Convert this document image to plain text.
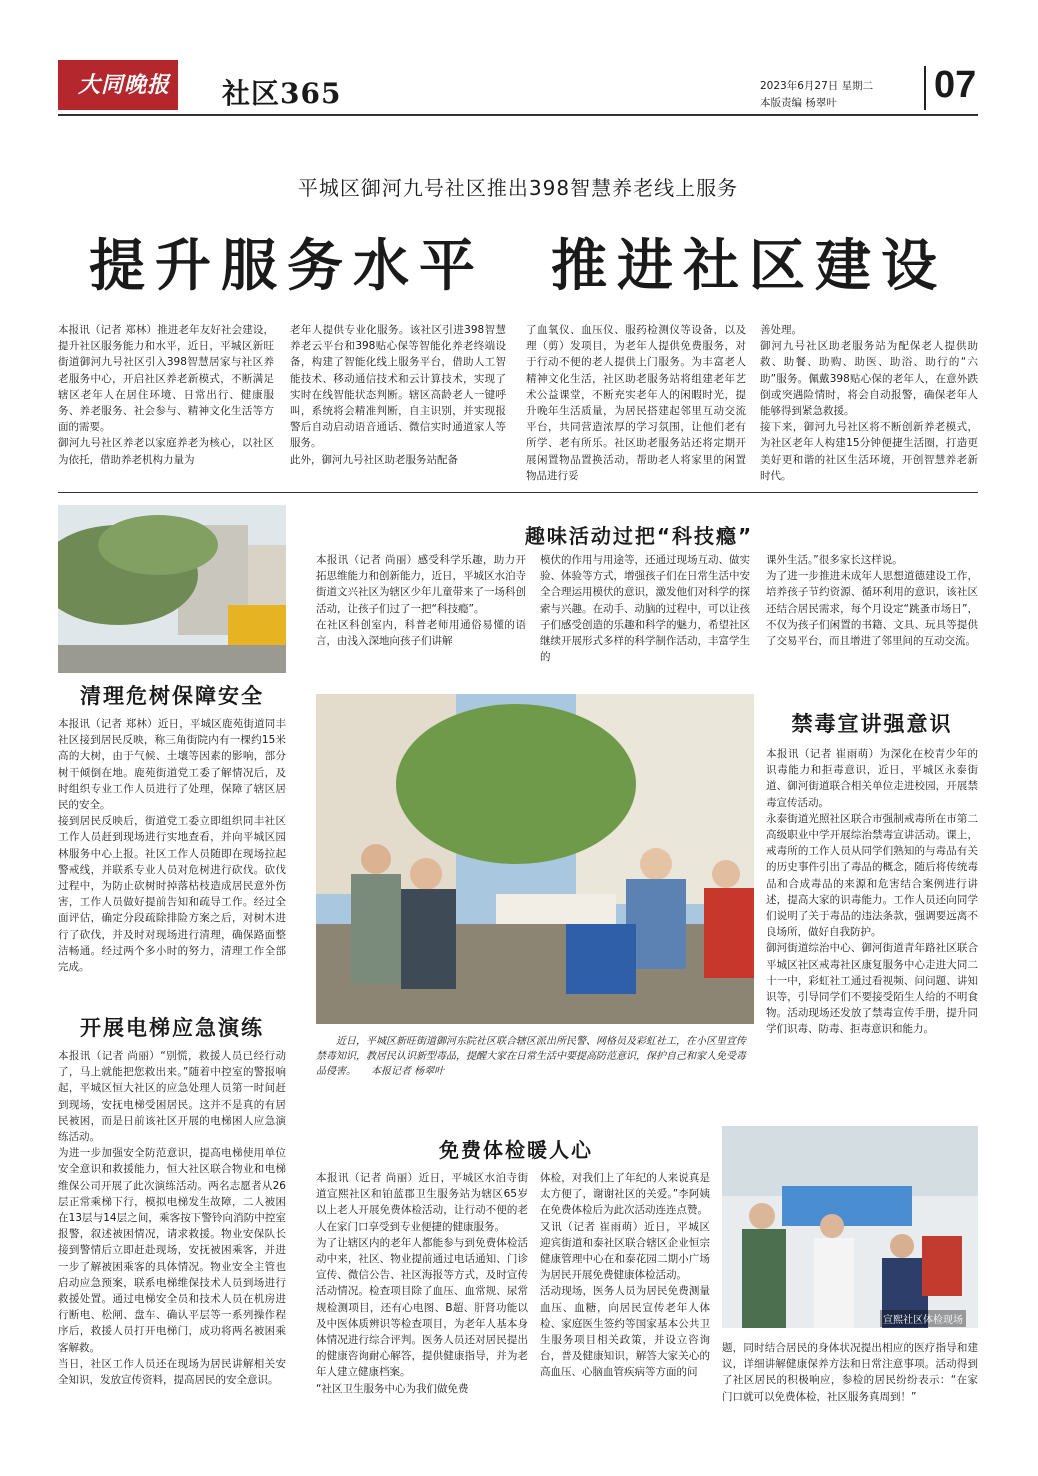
大同晚报 社区365	2023年6月27日 星期二
本版责编 杨翠叶	07
平城区御河九号社区推出398智慧养老线上服务
提升服务水平　推进社区建设
本报讯（记者 郑林）推进老年友好社会建设，提升社区服务能力和水平，近日，平城区新旺街道御河九号社区引入398智慧居家与社区养老服务中心，开启社区养老新模式，不断满足辖区老年人在居住环境、日常出行、健康服务、养老服务、社会参与、精神文化生活等方面的需要。
御河九号社区养老以家庭养老为核心，以社区为依托，借助养老机构力量为
老年人提供专业化服务。该社区引进398智慧养老云平台和398贴心保等智能化养老终端设备，构建了智能化线上服务平台，借助人工智能技术、移动通信技术和云计算技术，实现了实时在线智能状态判断。辖区高龄老人一键呼叫，系统将会精准判断，自主识别，并实现报警后自动启动语音通话、微信实时通道家人等服务。
此外，御河九号社区助老服务站配备
了血氧仪、血压仪、服药检测仪等设备，以及理（剪）发项目，为老年人提供免费服务，对于行动不便的老人提供上门服务。为丰富老人精神文化生活，社区助老服务站将组建老年艺术公益课堂，不断充实老年人的闲暇时光，提升晚年生活质量，为居民搭建起邻里互动交流平台，共同营造浓厚的学习氛围，让他们老有所学、老有所乐。社区助老服务站还将定期开展闲置物品置换活动，帮助老人将家里的闲置物品进行妥
善处理。
御河九号社区助老服务站为配保老人提供助救、助餐、助购、助医、助浴、助行的“六助”服务。佩戴398贴心保的老年人，在意外跌倒或突遇险情时，将会自动报警，确保老年人能够得到紧急救援。
接下来，御河九号社区将不断创新养老模式，为社区老年人构建15分钟便捷生活圈，打造更美好更和谐的社区生活环境，开创智慧养老新时代。
清理危树保障安全
本报讯（记者 郑林）近日，平城区鹿苑街道同丰社区接到居民反映，称三角街院内有一棵约15米高的大树，由于气候、土壤等因素的影响，部分树干倾倒在地。鹿苑街道党工委了解情况后，及时组织专业工作人员进行了处理，保障了辖区居民的安全。
接到居民反映后，街道党工委立即组织同丰社区工作人员赶到现场进行实地查看，并向平城区园林服务中心上报。社区工作人员随即在现场拉起警戒线，并联系专业人员对危树进行砍伐。砍伐过程中，为防止砍树时掉落枯枝造成居民意外伤害，工作人员做好提前告知和疏导工作。经过全面评估，确定分段疏除排险方案之后，对树木进行了砍伐，并及时对现场进行清理，确保路面整洁畅通。经过两个多小时的努力，清理工作全部完成。
开展电梯应急演练
本报讯（记者 尚丽）“别慌，救援人员已经行动了，马上就能把您救出来。”随着中控室的警报响起，平城区恒大社区的应急处理人员第一时间赶到现场，安抚电梯受困居民。这并不是真的有居民被困，而是日前该社区开展的电梯困人应急演练活动。
为进一步加强安全防范意识，提高电梯使用单位安全意识和救援能力，恒大社区联合物业和电梯维保公司开展了此次演练活动。两名志愿者从26层正常乘梯下行，模拟电梯发生故障，二人被困在13层与14层之间，乘客按下警铃向消防中控室报警，叙述被困情况，请求救援。物业安保队长接到警情后立即赶赴现场，安抚被困乘客，并进一步了解被困乘客的具体情况。物业安全主管也启动应急预案，联系电梯维保技术人员到场进行救援处置。通过电梯安全员和技术人员在机房进行断电、松闸、盘车、确认平层等一系列操作程序后，救援人员打开电梯门，成功将两名被困乘客解救。
当日，社区工作人员还在现场为居民讲解相关安全知识，发放宣传资料，提高居民的安全意识。
趣味活动过把“科技瘾”
本报讯（记者 尚丽）感受科学乐趣，助力开拓思维能力和创新能力，近日，平城区水泊寺街道文兴社区为辖区少年儿童带来了一场科创活动，让孩子们过了一把“科技瘾”。
在社区科创室内，科普老师用通俗易懂的语言，由浅入深地向孩子们讲解
模伏的作用与用途等，还通过现场互动、做实验、体验等方式，增强孩子们在日常生活中安全合理运用模伏的意识，激发他们对科学的探索与兴趣。在动手、动脑的过程中，可以让孩子们感受创造的乐趣和科学的魅力，希望社区继续开展形式多样的科学制作活动，丰富学生的
课外生活。”很多家长这样说。
为了进一步推进未成年人思想道德建设工作，培养孩子节约资源、循环利用的意识，该社区还结合居民需求，每个月设定“跳蚤市场日”，不仅为孩子们闲置的书籍、文具、玩具等提供了交易平台，而且增进了邻里间的互动交流。
近日，平城区新旺街道御河东院社区联合辖区派出所民警、网格员及彩虹社工，在小区里宣传禁毒知识，教居民认识新型毒品，提醒大家在日常生活中要提高防范意识，保护自己和家人免受毒品侵害。　　本报记者 杨翠叶
禁毒宣讲强意识
本报讯（记者 崔雨萌）为深化在校青少年的识毒能力和拒毒意识，近日，平城区永泰街道、御河街道联合相关单位走进校园，开展禁毒宣传活动。
永泰街道光照社区联合市强制戒毒所在市第二高级职业中学开展综治禁毒宣讲活动。课上，戒毒所的工作人员从同学们熟知的与毒品有关的历史事件引出了毒品的概念，随后将传统毒品和合成毒品的来源和危害结合案例进行讲述，提高大家的识毒能力。工作人员还向同学们说明了关于毒品的违法条款，强调要远离不良场所，做好自我防护。
御河街道综治中心、御河街道青年路社区联合平城区社区戒毒社区康复服务中心走进大同二十一中，彩虹社工通过看视频、问问题、讲知识等，引导同学们不要接受陌生人给的不明食物。活动现场还发放了禁毒宣传手册，提升同学们识毒、防毒、拒毒意识和能力。
免费体检暖人心
本报讯（记者 尚丽）近日，平城区水泊寺街道宣熙社区和铂蓝郡卫生服务站为辖区65岁以上老人开展免费体检活动，让行动不便的老人在家门口享受到专业便捷的健康服务。
为了让辖区内的老年人都能参与到免费体检活动中来，社区、物业提前通过电话通知、门诊宣传、微信公告、社区海报等方式，及时宣传活动情况。检查项目除了血压、血常规、尿常规检测项目，还有心电图、B超、肝肾功能以及中医体质辨识等检查项目，为老年人基本身体情况进行综合评判。医务人员还对居民提出的健康咨询耐心解答，提供健康指导，并为老年人建立健康档案。
“社区卫生服务中心为我们做免费
体检，对我们上了年纪的人来说真是太方便了，谢谢社区的关爱。”李阿姨在免费体检后为此次活动连连点赞。
又讯（记者 崔雨萌）近日，平城区迎宾街道和泰社区联合辖区企业恒宗健康管理中心在和泰花园二期小广场为居民开展免费健康体检活动。
活动现场，医务人员为居民免费测量血压、血糖，向居民宣传老年人体检、家庭医生签约等国家基本公共卫生服务项目相关政策，并设立咨询台，普及健康知识，解答大家关心的高血压、心脑血管疾病等方面的问
宣熙社区体检现场
题，同时结合居民的身体状况提出相应的医疗指导和建议，详细讲解健康保养方法和日常注意事项。活动得到了社区居民的积极响应，参检的居民纷纷表示：“在家门口就可以免费体检，社区服务真周到！”
